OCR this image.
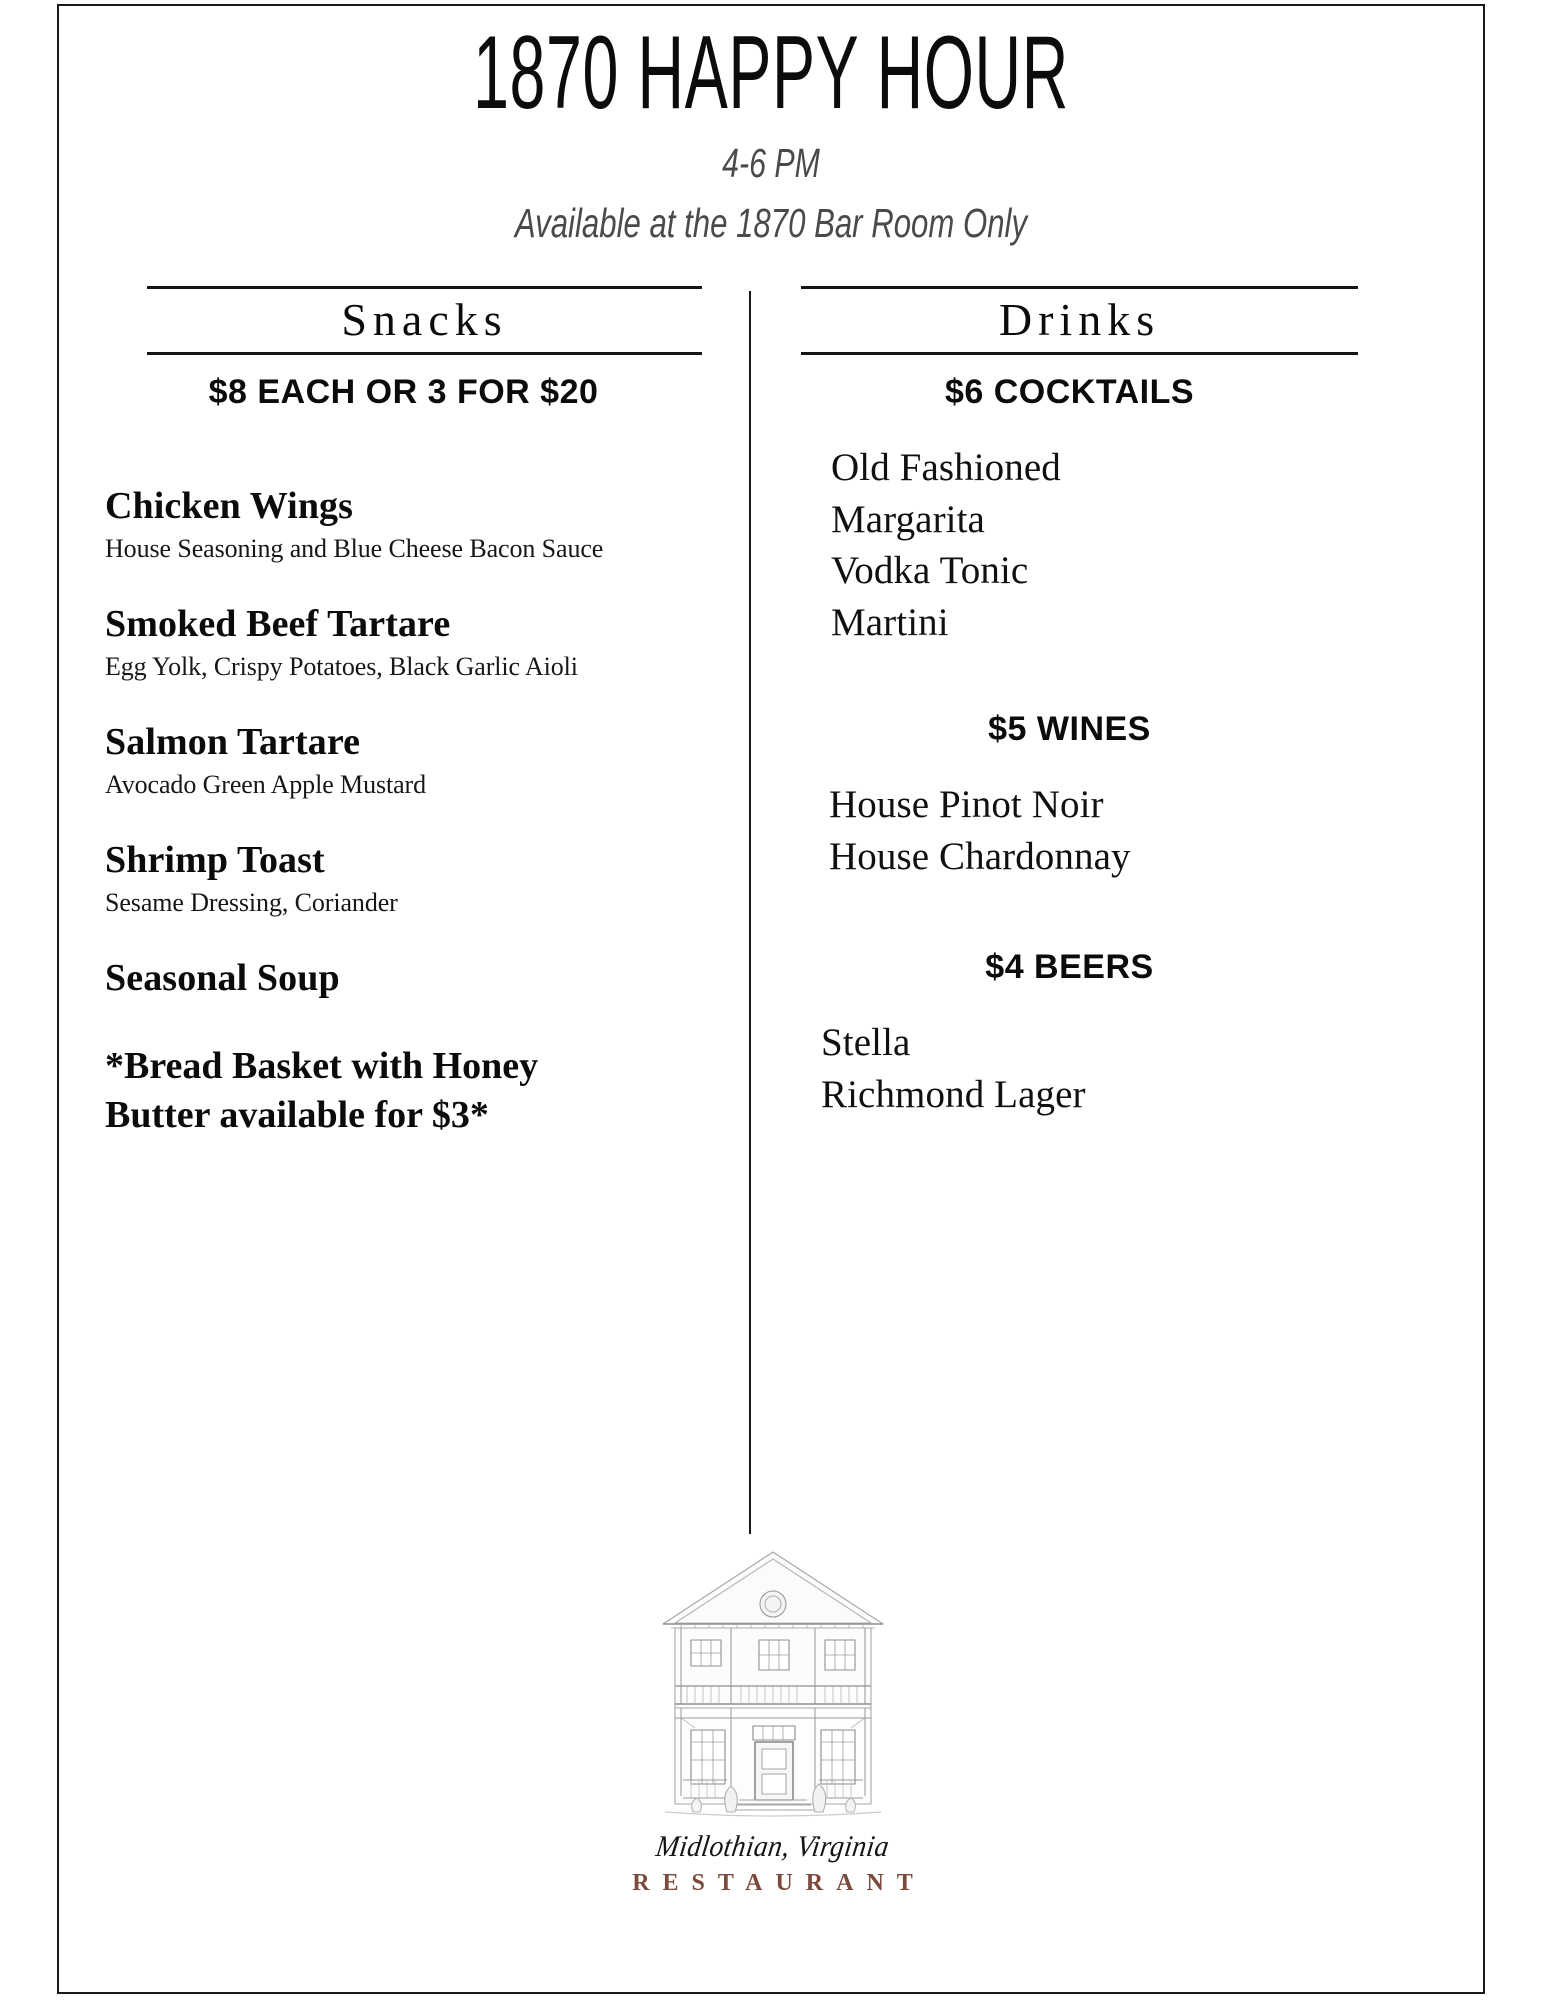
1870 HAPPY HOUR
4-6 PM
Available at the 1870 Bar Room Only
Snacks
$8 EACH OR 3 FOR $20
Chicken Wings
House Seasoning and Blue Cheese Bacon Sauce
Smoked Beef Tartare
Egg Yolk, Crispy Potatoes, Black Garlic Aioli
Salmon Tartare
Avocado Green Apple Mustard
Shrimp Toast
Sesame Dressing, Coriander
Seasonal Soup
*Bread Basket with Honey Butter available for $3*
Drinks
$6 COCKTAILS
Old Fashioned
Margarita
Vodka Tonic
Martini
$5 WINES
House Pinot Noir
House Chardonnay
$4 BEERS
Stella
Richmond Lager
Midlothian, Virginia
RESTAURANT
